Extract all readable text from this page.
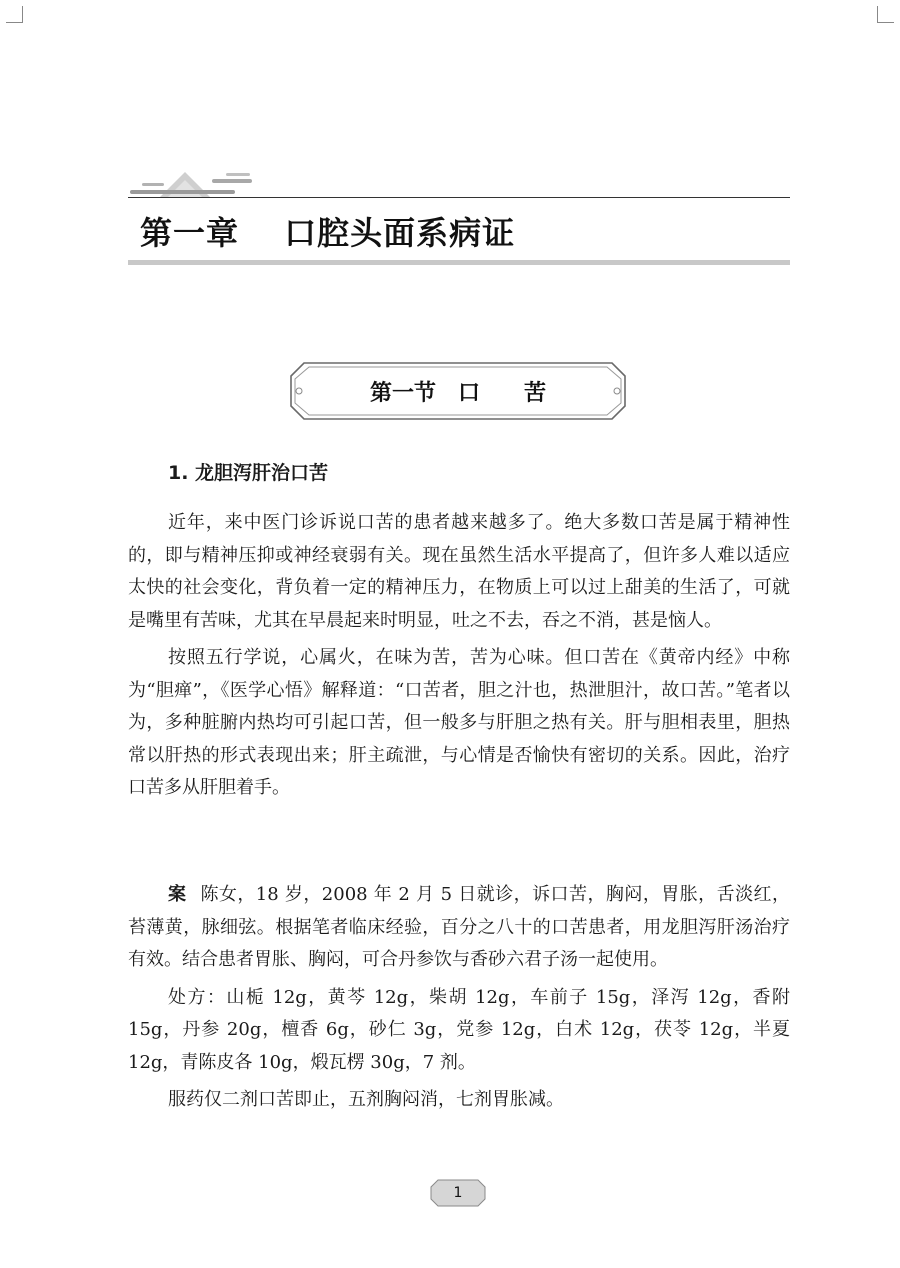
第一章　 口腔头面系病证
第一节　口　　苦
1. 龙胆泻肝治口苦

近年，来中医门诊诉说口苦的患者越来越多了。绝大多数口苦是属于精神性的，即与精神压抑或神经衰弱有关。现在虽然生活水平提高了，但许多人难以适应太快的社会变化，背负着一定的精神压力，在物质上可以过上甜美的生活了，可就是嘴里有苦味，尤其在早晨起来时明显，吐之不去，吞之不消，甚是恼人。

按照五行学说，心属火，在味为苦，苦为心味。但口苦在《黄帝内经》中称为“胆瘅”，《医学心悟》解释道：“口苦者，胆之汁也，热泄胆汁，故口苦。”笔者以为，多种脏腑内热均可引起口苦，但一般多与肝胆之热有关。肝与胆相表里，胆热常以肝热的形式表现出来；肝主疏泄，与心情是否愉快有密切的关系。因此，治疗口苦多从肝胆着手。

案 陈女，18 岁，2008 年 2 月 5 日就诊，诉口苦，胸闷，胃胀，舌淡红，苔薄黄，脉细弦。根据笔者临床经验，百分之八十的口苦患者，用龙胆泻肝汤治疗有效。结合患者胃胀、胸闷，可合丹参饮与香砂六君子汤一起使用。

处方：山栀 12g，黄芩 12g，柴胡 12g，车前子 15g，泽泻 12g，香附 15g，丹参 20g，檀香 6g，砂仁 3g，党参 12g，白术 12g，茯苓 12g，半夏 12g，青陈皮各 10g，煅瓦楞 30g，7 剂。

服药仅二剂口苦即止，五剂胸闷消，七剂胃胀减。

1
